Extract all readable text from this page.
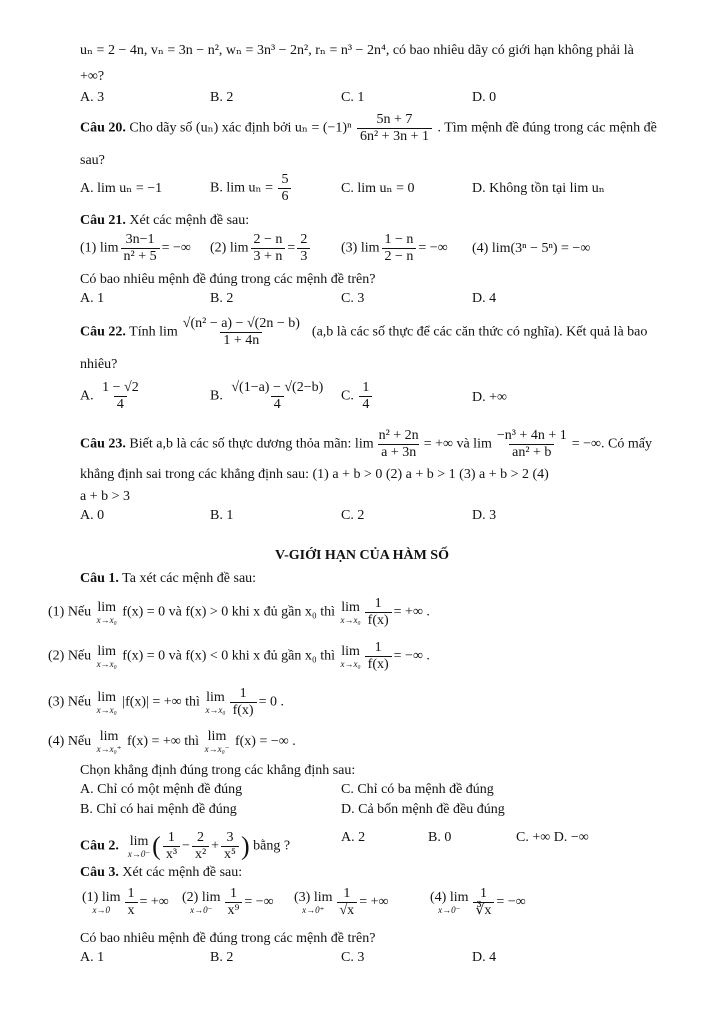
uₙ = 2 − 4n, vₙ = 3n − n², wₙ = 3n³ − 2n², rₙ = n³ − 2n⁴, có bao nhiêu dãy có giới hạn không phải là
+∞?
A. 3	B. 2	C. 1	D. 0
Câu 20. Cho dãy số (uₙ) xác định bởi $u_n = (-1)^n \frac{5n + 7}{\text{6n² + 3n + 1}}$ . Tìm mệnh đề đúng trong các mệnh đề
sau?
A. lim uₙ = −1	B. $\lim u_n = \frac{5}{6}$	C. lim uₙ = 0	D. Không tồn tại lim uₙ
Câu 21. Xét các mệnh đề sau:
(1) $\lim \frac{3n-1}{\text{n² + 5}}$ = −∞ (2) $\lim \frac{2 - n}{3 + n} = \frac{2}{3} (3)$ $\lim \frac{1 - n}{2 - n}$ = −∞ (4) lim(3ⁿ − 5ⁿ) = −∞
Có bao nhiêu mệnh đề đúng trong các mệnh đề trên?
A. 1	B. 2	C. 3	D. 4
Câu 22. Tính $\lim \frac{\text{√(n² − a) − √(2n − b)}}{1 + 4n} (a,b$ là các số thực để các căn thức có nghĩa). Kết quả là bao
nhiêu?
A. $\frac{1 - √2}{4}$	B. $\frac{√(1-a) - √(2-b)}{4} C$. $\frac{1}{4}$	D. +∞
Câu 23. Biết a,b là các số thực dương thỏa mãn: $\lim \frac{\text{n² + 2n}}{a + 3n}$ = +∞ và $\lim \frac{\text{−n³ + 4n + 1}}{\text{an² + b}}$ = −∞. Có mấy
khẳng định sai trong các khẳng định sau: (1) a + b > 0 (2) a + b > 1 (3) a + b > 2 (4)
a + b > 3
A. 0	B. 1	C. 2	D. 3
V-GIỚI HẠN CỦA HÀM SỐ
Câu 1. Ta xét các mệnh đề sau:
(1) Nếu lim
x→x₀ f(x) = 0 và f(x) > 0 khi x đủ gần x₀ thì lim
$x\to x_0 \frac{1}{f(x)}$ = +∞ .
(2) Nếu lim
x→x₀ f(x) = 0 và f(x) < 0 khi x đủ gần x₀ thì lim
$x\to x_0 \frac{1}{f(x)}$ = −∞ .
(3) Nếu lim
x→x₀ |f(x)| = +∞ thì lim
$x\to x_0 \frac{1}{f(x)} = 0$ .
(4) Nếu lim
x→x₀⁺ f(x) = +∞ thì lim
x→x₀⁻ f(x) = −∞ .
Chọn khẳng định đúng trong các khẳng định sau:
A. Chỉ có một mệnh đề đúng	C. Chỉ có ba mệnh đề đúng
B. Chỉ có hai mệnh đề đúng	D. Cả bốn mệnh đề đều đúng
Câu 2. lim
x→0⁻ ( $\frac{1}{\text{x³}} - \frac{2}{\text{x²}} + \frac{3}{\text{x⁵}}$ ) bằng ?
A. 2	B. 0	C. +∞ D. −∞
Câu 3. Xét các mệnh đề sau:
(1) lim
$x\to 0 \frac{1}{x}$ = +∞ (2) lim
$x\to 0^- \frac{1}{\text{x⁹}}$ = −∞ (3) lim
$x\to 0^+ \frac{1}{√x}$ = +∞	(4) lim
$x\to 0^- \frac{1}{∛x}$ = −∞
Có bao nhiêu mệnh đề đúng trong các mệnh đề trên?
A. 1	B. 2	C. 3	D. 4
